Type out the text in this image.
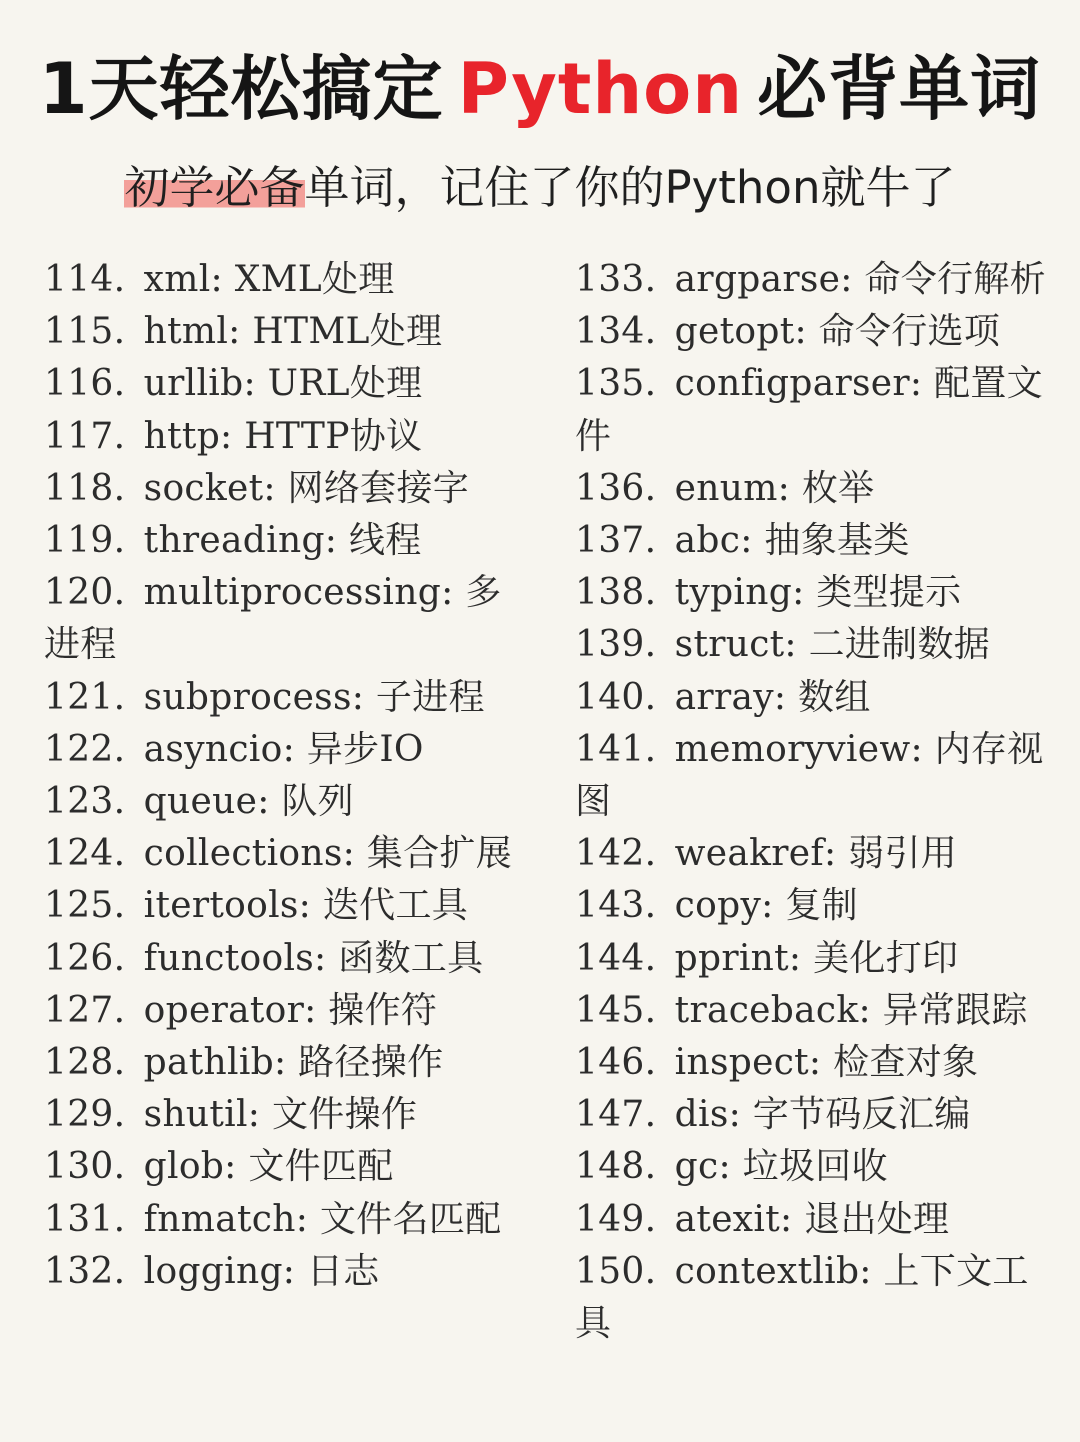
1天轻松搞定 Python 必背单词
初学必备单词，记住了你的Python就牛了
114.  xml: XML处理
115.  html: HTML处理
116.  urllib: URL处理
117.  http: HTTP协议
118.  socket: 网络套接字
119.  threading: 线程
120.  multiprocessing: 多进程
121.  subprocess: 子进程
122.  asyncio: 异步IO
123.  queue: 队列
124.  collections: 集合扩展
125.  itertools: 迭代工具
126.  functools: 函数工具
127.  operator: 操作符
128.  pathlib: 路径操作
129.  shutil: 文件操作
130.  glob: 文件匹配
131.  fnmatch: 文件名匹配
132.  logging: 日志
133.  argparse: 命令行解析
134.  getopt: 命令行选项
135.  configparser: 配置文件
136.  enum: 枚举
137.  abc: 抽象基类
138.  typing: 类型提示
139.  struct: 二进制数据
140.  array: 数组
141.  memoryview: 内存视图
142.  weakref: 弱引用
143.  copy: 复制
144.  pprint: 美化打印
145.  traceback: 异常跟踪
146.  inspect: 检查对象
147.  dis: 字节码反汇编
148.  gc: 垃圾回收
149.  atexit: 退出处理
150.  contextlib: 上下文工具
